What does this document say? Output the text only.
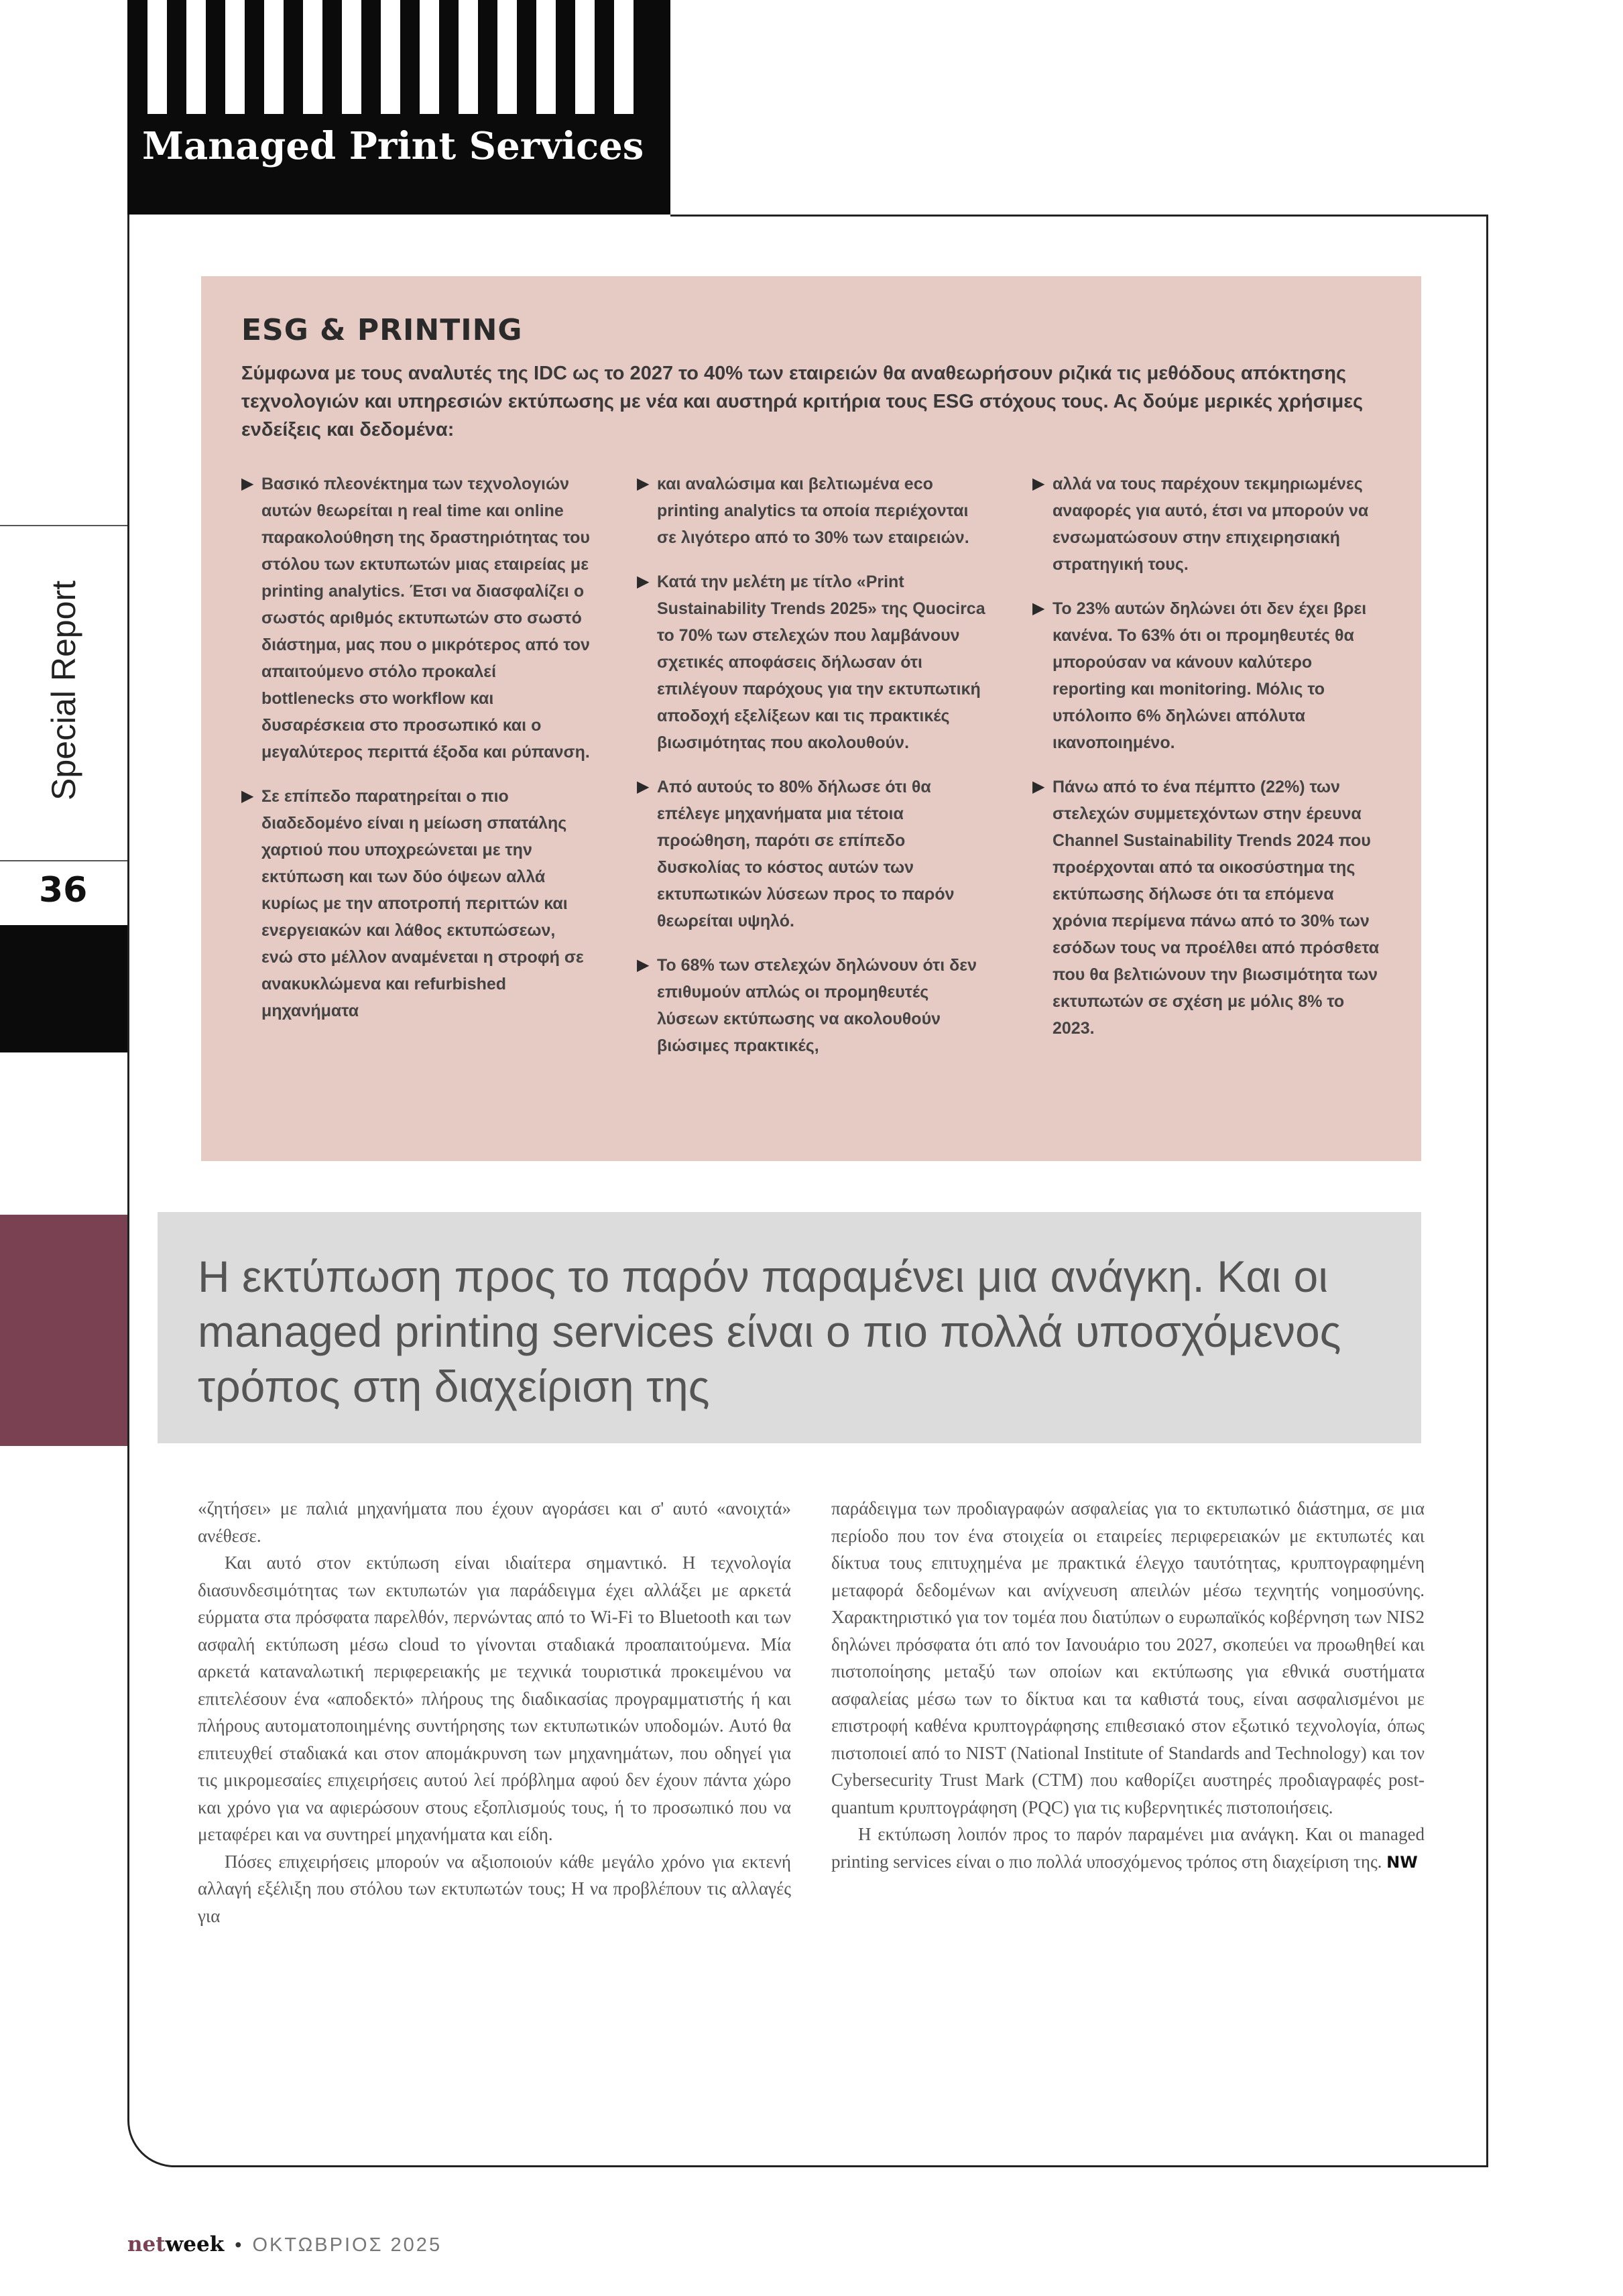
Managed Print Services
Special Report
36
ESG & PRINTING

Σύμφωνα με τους αναλυτές της IDC ως το 2027 το 40% των εταιρειών θα αναθεωρήσουν ριζικά τις μεθόδους απόκτησης τεχνολογιών και υπηρεσιών εκτύπωσης με νέα και αυστηρά κριτήρια τους ESG στόχους τους. Ας δούμε μερικές χρήσιμες ενδείξεις και δεδομένα:

▶ Βασικό πλεονέκτημα των τεχνολογιών αυτών θεωρείται η real time και online παρακολούθηση της δραστηριότητας του στόλου των εκτυπωτών μιας εταιρείας με printing analytics. Έτσι να διασφαλίζει ο σωστός αριθμός εκτυπωτών στο σωστό διάστημα, μας που ο μικρότερος από τον απαιτούμενο στόλο προκαλεί bottlenecks στο workflow και δυσαρέσκεια στο προσωπικό και ο μεγαλύτερος περιττά έξοδα και ρύπανση.
▶ Σε επίπεδο παρατηρείται ο πιο διαδεδομένο είναι η μείωση σπατάλης χαρτιού που υποχρεώνεται με την εκτύπωση και των δύο όψεων αλλά κυρίως με την αποτροπή περιττών και ενεργειακών και λάθος εκτυπώσεων, ενώ στο μέλλον αναμένεται η στροφή σε ανακυκλώμενα και refurbished μηχανήματα
▶ και αναλώσιμα και βελτιωμένα eco printing analytics τα οποία περιέχονται σε λιγότερο από το 30% των εταιρειών.
▶ Κατά την μελέτη με τίτλο «Print Sustainability Trends 2025» της Quocirca το 70% των στελεχών που λαμβάνουν σχετικές αποφάσεις δήλωσαν ότι επιλέγουν παρόχους για την εκτυπωτική αποδοχή εξελίξεων και τις πρακτικές βιωσιμότητας που ακολουθούν.
▶ Από αυτούς το 80% δήλωσε ότι θα επέλεγε μηχανήματα μια τέτοια προώθηση, παρότι σε επίπεδο δυσκολίας το κόστος αυτών των εκτυπωτικών λύσεων προς το παρόν θεωρείται υψηλό.
▶ Το 68% των στελεχών δηλώνουν ότι δεν επιθυμούν απλώς οι προμηθευτές λύσεων εκτύπωσης να ακολουθούν βιώσιμες πρακτικές,
▶ αλλά να τους παρέχουν τεκμηριωμένες αναφορές για αυτό, έτσι να μπορούν να ενσωματώσουν στην επιχειρησιακή στρατηγική τους.
▶ Το 23% αυτών δηλώνει ότι δεν έχει βρει κανένα. Το 63% ότι οι προμηθευτές θα μπορούσαν να κάνουν καλύτερο reporting και monitoring. Μόλις το υπόλοιπο 6% δηλώνει απόλυτα ικανοποιημένο.
▶ Πάνω από το ένα πέμπτο (22%) των στελεχών συμμετεχόντων στην έρευνα Channel Sustainability Trends 2024 που προέρχονται από τα οικοσύστημα της εκτύπωσης δήλωσε ότι τα επόμενα χρόνια περίμενα πάνω από το 30% των εσόδων τους να προέλθει από πρόσθετα που θα βελτιώνουν την βιωσιμότητα των εκτυπωτών σε σχέση με μόλις 8% το 2023.

Η εκτύπωση προς το παρόν παραμένει μια ανάγκη. Και οι managed printing services είναι ο πιο πολλά υποσχόμενος τρόπος στη διαχείριση της

«ζητήσει» με παλιά μηχανήματα που έχουν αγοράσει και σ' αυτό «ανοιχτά» ανέθεσε.

Και αυτό στον εκτύπωση είναι ιδιαίτερα σημαντικό. Η τεχνολογία διασυνδεσιμότητας των εκτυπωτών για παράδειγμα έχει αλλάξει με αρκετά εύρματα στα πρόσφατα παρελθόν, περνώντας από το Wi-Fi το Bluetooth και των ασφαλή εκτύπωση μέσω cloud το γίνονται σταδιακά προαπαιτούμενα. Μία αρκετά καταναλωτική περιφερειακής με τεχνικά τουριστικά προκειμένου να επιτελέσουν ένα «αποδεκτό» πλήρους της διαδικασίας προγραμματιστής ή και πλήρους αυτοματοποιημένης συντήρησης των εκτυπωτικών υποδομών. Αυτό θα επιτευχθεί σταδιακά και στον απομάκρυνση των μηχανημάτων, που οδηγεί για τις μικρομεσαίες επιχειρήσεις αυτού λεί πρόβλημα αφού δεν έχουν πάντα χώρο και χρόνο για να αφιερώσουν στους εξοπλισμούς τους, ή το προσωπικό που να μεταφέρει και να συντηρεί μηχανήματα και είδη.

Πόσες επιχειρήσεις μπορούν να αξιοποιούν κάθε μεγάλο χρόνο για εκτενή αλλαγή εξέλιξη που στόλου των εκτυπωτών τους; Η να προβλέπουν τις αλλαγές για

παράδειγμα των προδιαγραφών ασφαλείας για το εκτυπωτικό διάστημα, σε μια περίοδο που τον ένα στοιχεία οι εταιρείες περιφερειακών με εκτυπωτές και δίκτυα τους επιτυχημένα με πρακτικά έλεγχο ταυτότητας, κρυπτογραφημένη μεταφορά δεδομένων και ανίχνευση απειλών μέσω τεχνητής νοημοσύνης. Χαρακτηριστικό για τον τομέα που διατύπων ο ευρωπαϊκός κοβέρνηση των NIS2 δηλώνει πρόσφατα ότι από τον Ιανουάριο του 2027, σκοπεύει να προωθηθεί και πιστοποίησης μεταξύ των οποίων και εκτύπωσης για εθνικά συστήματα ασφαλείας μέσω των το δίκτυα και τα καθιστά τους, είναι ασφαλισμένοι με επιστροφή καθένα κρυπτογράφησης επιθεσιακό στον εξωτικό τεχνολογία, όπως πιστοποιεί από το NIST (National Institute of Standards and Technology) και τον Cybersecurity Trust Mark (CTM) που καθορίζει αυστηρές προδιαγραφές post-quantum κρυπτογράφηση (PQC) για τις κυβερνητικές πιστοποιήσεις.

Η εκτύπωση λοιπόν προς το παρόν παραμένει μια ανάγκη. Και οι managed printing services είναι ο πιο πολλά υποσχόμενος τρόπος στη διαχείριση της. NW

netweek • ΟΚΤΩΒΡΙΟΣ 2025
